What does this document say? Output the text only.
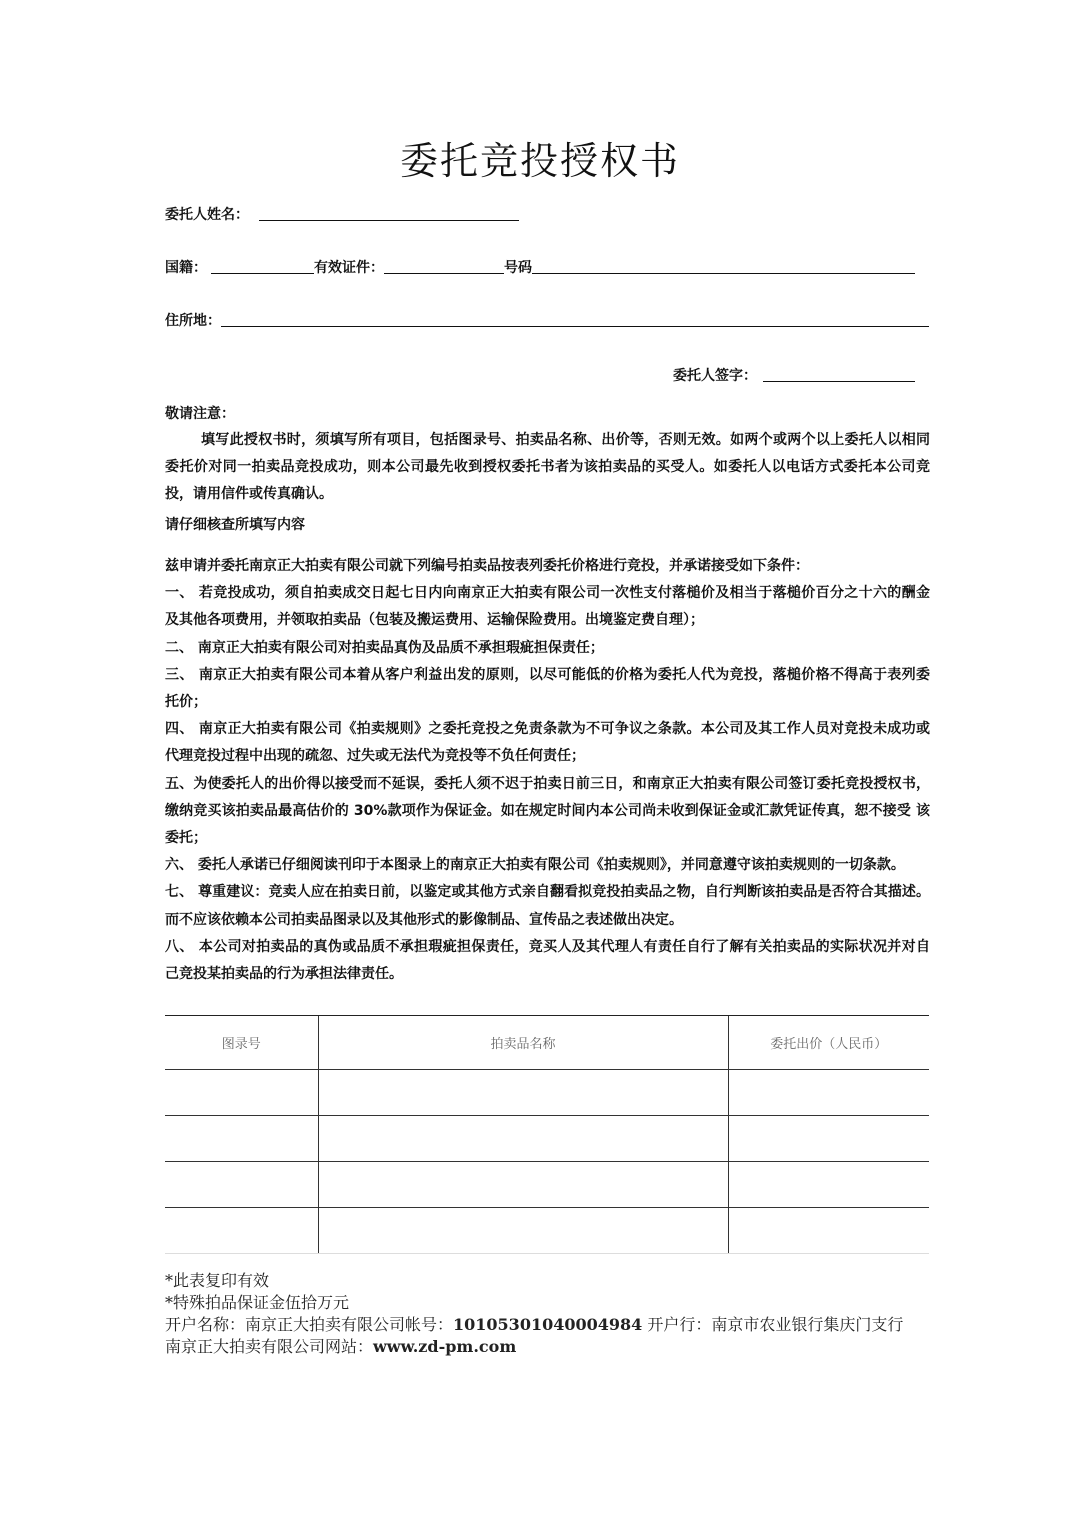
委托竞投授权书
委托人姓名：
国籍：	有效证件：	号码
住所地：
委托人签字：
敬请注意：
填写此授权书时，须填写所有项目，包括图录号、拍卖品名称、出价等，否则无效。如两个或两个以上委托人以相同 委托价对同一拍卖品竞投成功，则本公司最先收到授权委托书者为该拍卖品的买受人。如委托人以电话方式委托本公司竞 投，请用信件或传真确认。
请仔细核查所填写内容
兹申请并委托南京正大拍卖有限公司就下列编号拍卖品按表列委托价格进行竞投，并承诺接受如下条件：
一、 若竞投成功，须自拍卖成交日起七日内向南京正大拍卖有限公司一次性支付落槌价及相当于落槌价百分之十六的酬金 及其他各项费用，并领取拍卖品（包装及搬运费用、运输保险费用。出境鉴定费自理）；
二、 南京正大拍卖有限公司对拍卖品真伪及品质不承担瑕疵担保责任；
三、 南京正大拍卖有限公司本着从客户利益出发的原则，以尽可能低的价格为委托人代为竞投，落槌价格不得高于表列委 托价；
四、 南京正大拍卖有限公司《拍卖规则》之委托竞投之免责条款为不可争议之条款。本公司及其工作人员对竞投未成功或 代理竞投过程中出现的疏忽、过失或无法代为竞投等不负任何责任；
五、为使委托人的出价得以接受而不延误，委托人须不迟于拍卖日前三日，和南京正大拍卖有限公司签订委托竞投授权书， 缴纳竞买该拍卖品最高估价的 30%款项作为保证金。如在规定时间内本公司尚未收到保证金或汇款凭证传真，恕不接受 该委托；
六、 委托人承诺已仔细阅读刊印于本图录上的南京正大拍卖有限公司《拍卖规则》，并同意遵守该拍卖规则的一切条款。
七、 尊重建议：竞卖人应在拍卖日前，以鉴定或其他方式亲自翻看拟竞投拍卖品之物，自行判断该拍卖品是否符合其描述。 而不应该依赖本公司拍卖品图录以及其他形式的影像制品、宣传品之表述做出决定。
八、 本公司对拍卖品的真伪或品质不承担瑕疵担保责任，竞买人及其代理人有责任自行了解有关拍卖品的实际状况并对自 己竞投某拍卖品的行为承担法律责任。
图录号	拍卖品名称	委托出价（人民币）

*此表复印有效
*特殊拍品保证金伍拾万元
开户名称：南京正大拍卖有限公司帐号：10105301040004984 开户行：南京市农业银行集庆门支行
南京正大拍卖有限公司网站：www.zd-pm.com
